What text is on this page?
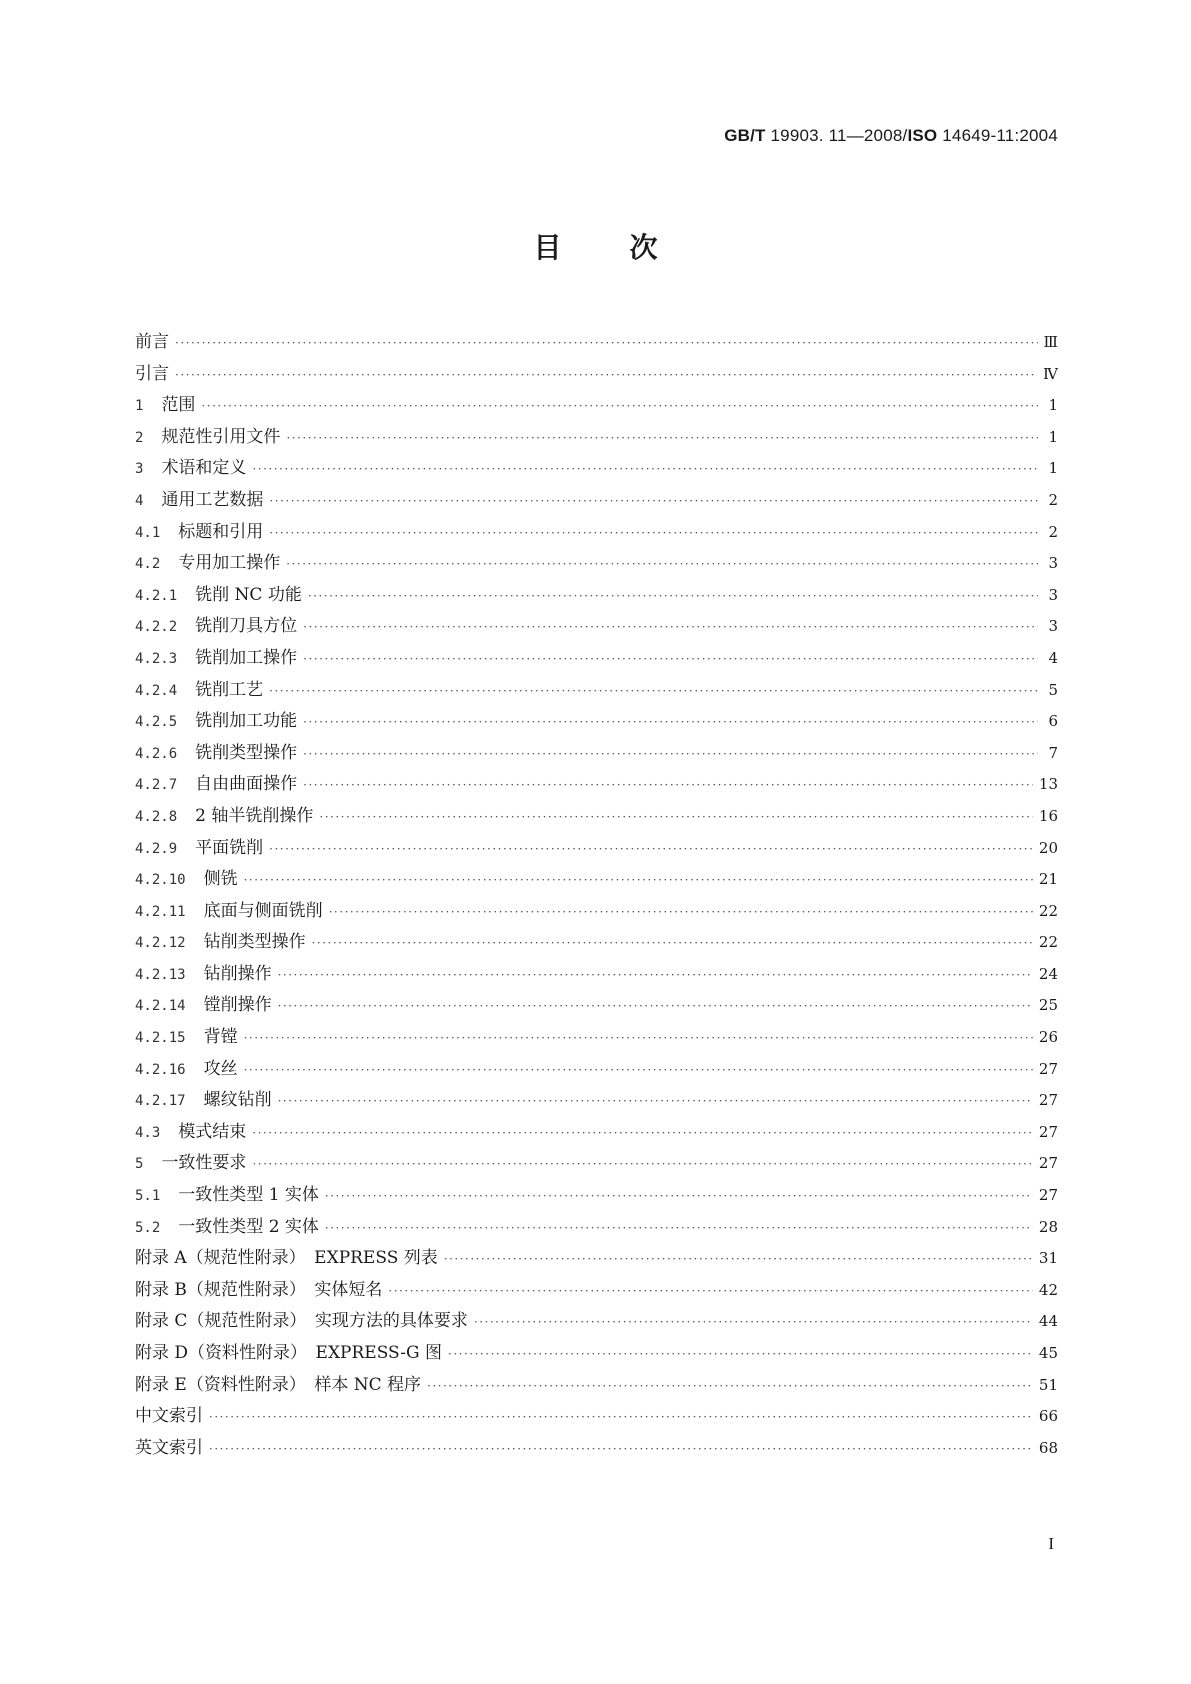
GB/T 19903. 11—2008/ISO 14649-11:2004
目次
前言 ·····	Ⅲ
引言 ·····	Ⅳ
1 范围 ·····	1
2 规范性引用文件 ·····	1
3 术语和定义 ·····	1
4 通用工艺数据 ·····	2
4.1 标题和引用 ·····	2
4.2 专用加工操作 ·····	3
4.2.1 铣削 NC 功能 ·····	3
4.2.2 铣削刀具方位 ·····	3
4.2.3 铣削加工操作 ·····	4
4.2.4 铣削工艺 ·····	5
4.2.5 铣削加工功能 ·····	6
4.2.6 铣削类型操作 ·····	7
4.2.7 自由曲面操作 ·····	13
4.2.8 2 轴半铣削操作 ·····	16
4.2.9 平面铣削 ·····	20
4.2.10 侧铣 ·····	21
4.2.11 底面与侧面铣削 ·····	22
4.2.12 钻削类型操作 ·····	22
4.2.13 钻削操作 ·····	24
4.2.14 镗削操作 ·····	25
4.2.15 背镗 ·····	26
4.2.16 攻丝 ·····	27
4.2.17 螺纹钻削 ·····	27
4.3 模式结束 ·····	27
5 一致性要求 ·····	27
5.1 一致性类型 1 实体 ·····	27
5.2 一致性类型 2 实体 ·····	28
附录 A（规范性附录）　EXPRESS 列表 ·····	31
附录 B（规范性附录）　实体短名 ·····	42
附录 C（规范性附录）　实现方法的具体要求 ·····	44
附录 D（资料性附录）　EXPRESS-G 图 ·····	45
附录 E（资料性附录）　样本 NC 程序 ·····	51
中文索引 ·····	66
英文索引 ·····	68
I
